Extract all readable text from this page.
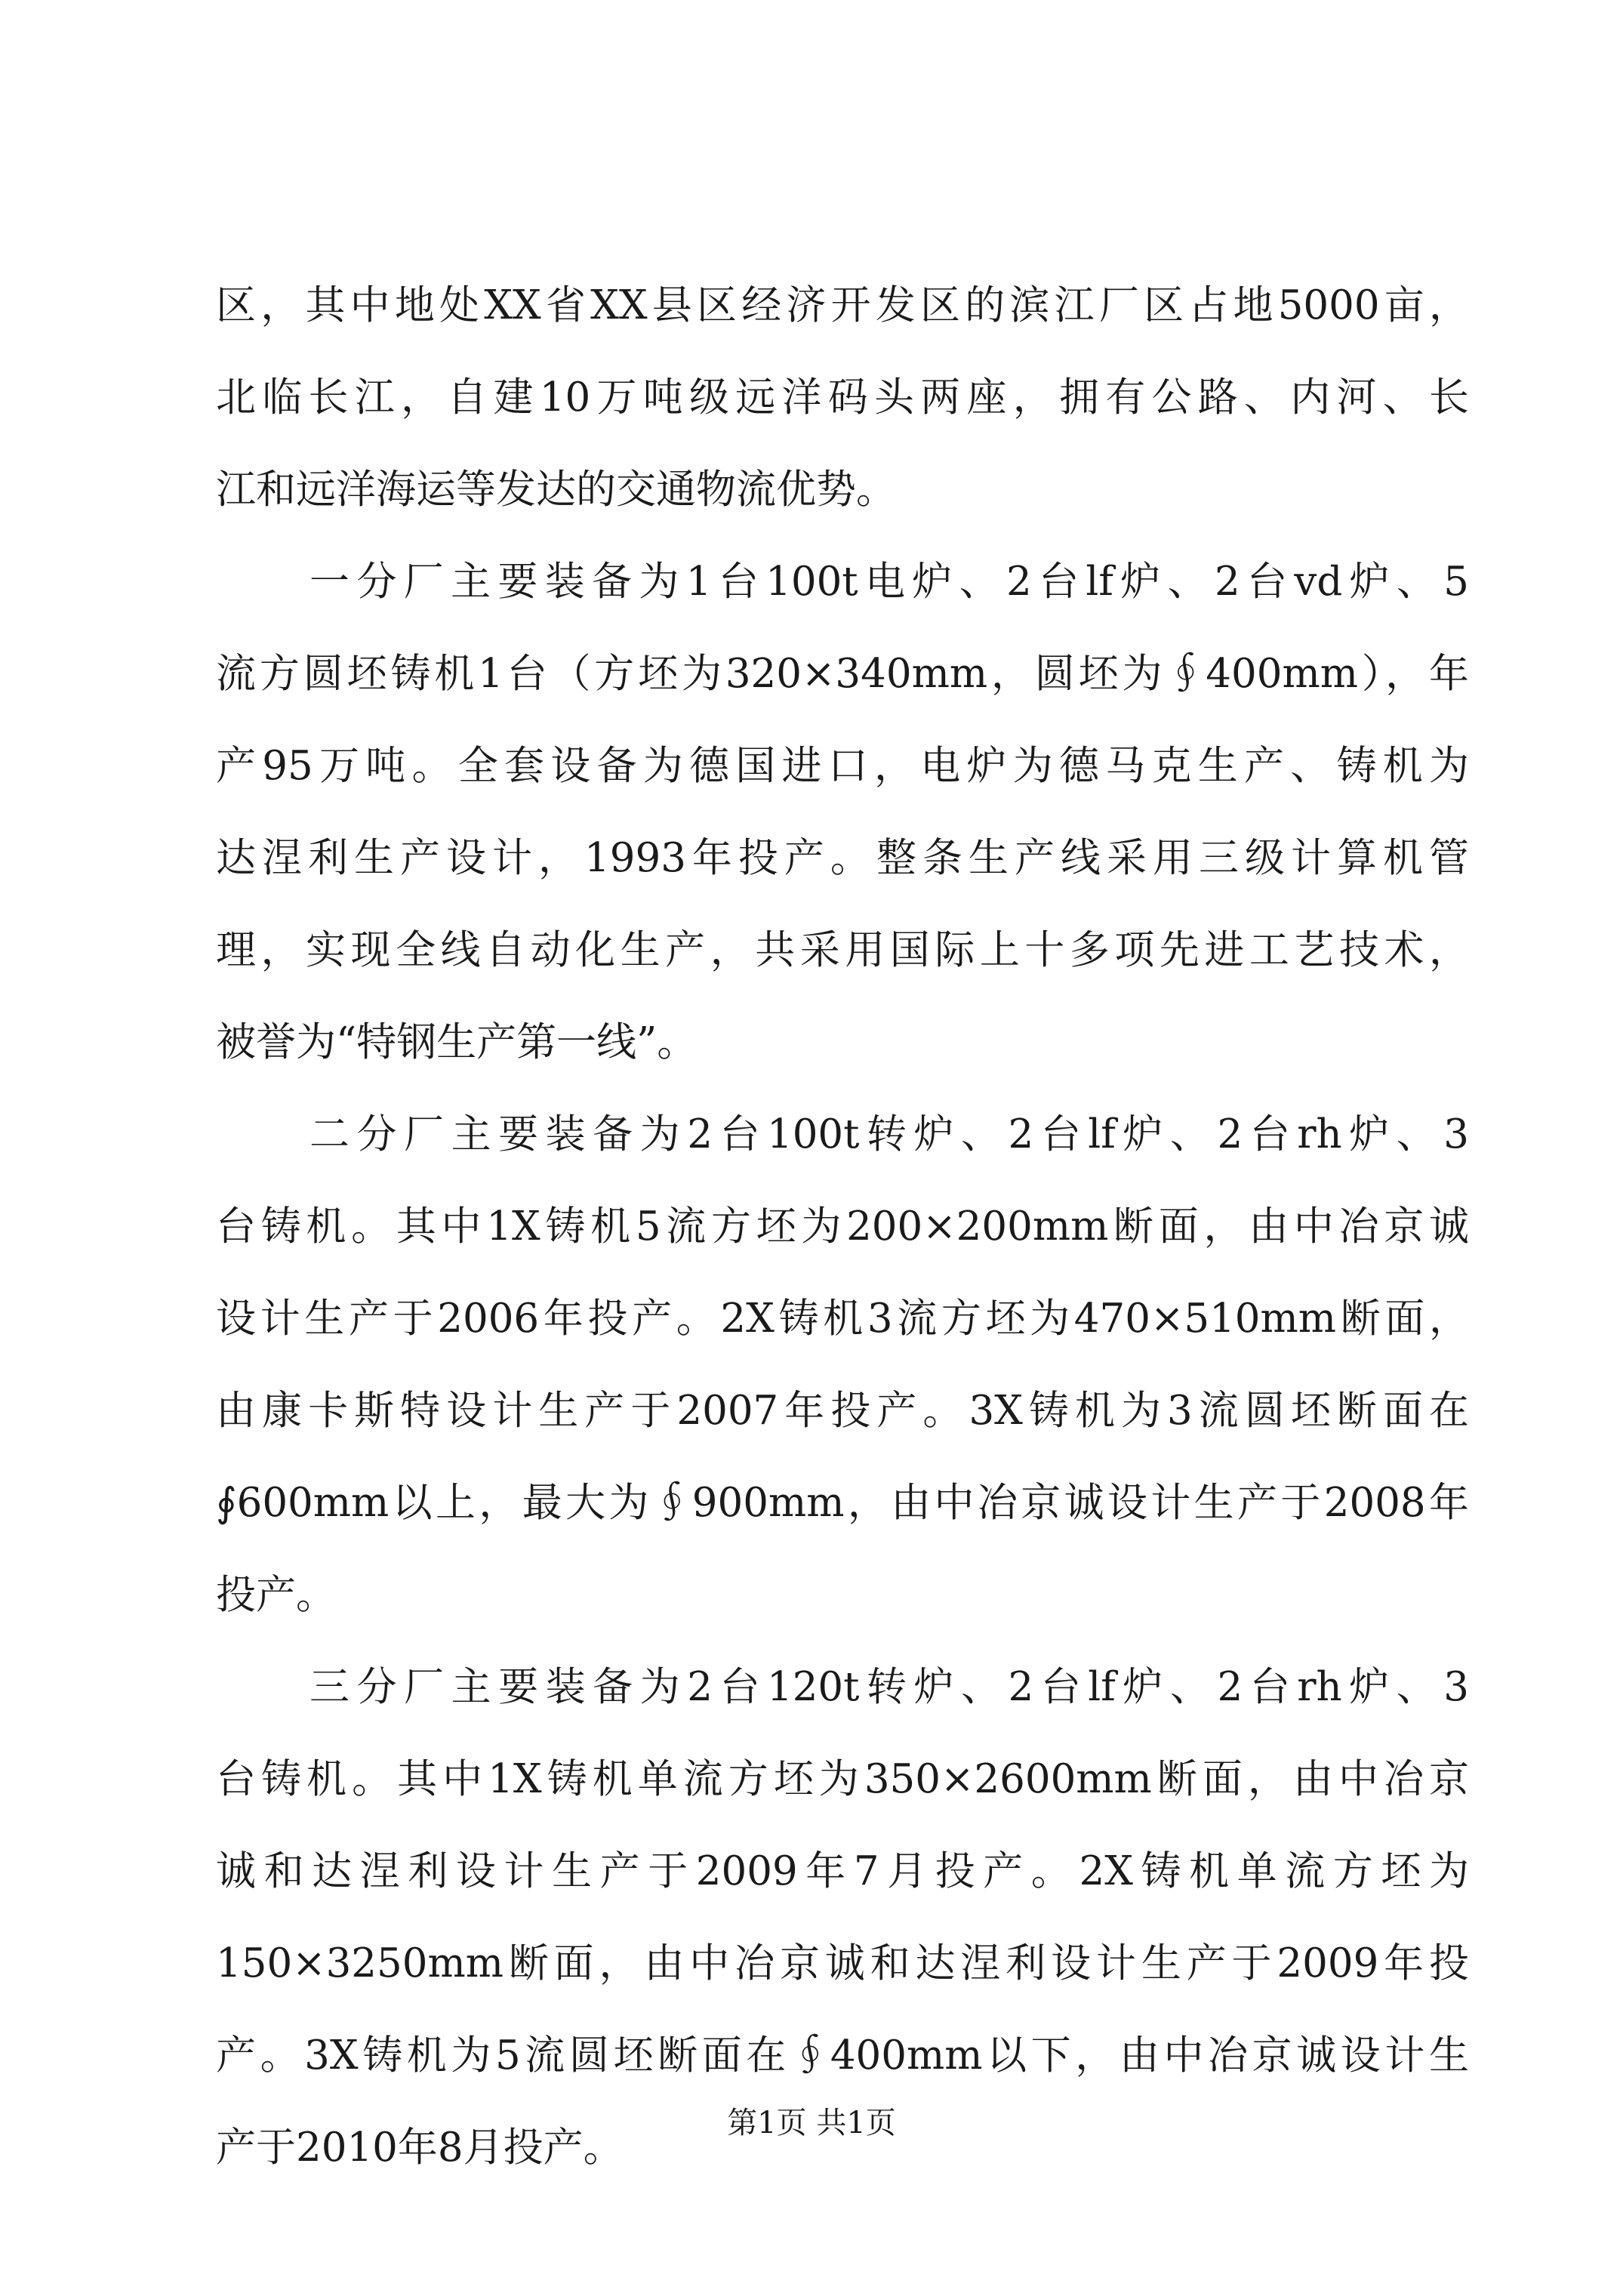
区，其中地处XX省XX县区经济开发区的滨江厂区占地5000亩，
北临长江，自建10万吨级远洋码头两座，拥有公路、内河、长
江和远洋海运等发达的交通物流优势。
一分厂主要装备为1台100t电炉、2台lf炉、2台vd炉、5
流方圆坯铸机1台（方坯为320×340mm，圆坯为∮400mm），年
产95万吨。全套设备为德国进口，电炉为德马克生产、铸机为
达涅利生产设计，1993年投产。整条生产线采用三级计算机管
理，实现全线自动化生产，共采用国际上十多项先进工艺技术，
被誉为“特钢生产第一线”。
二分厂主要装备为2台100t转炉、2台lf炉、2台rh炉、3
台铸机。其中1X铸机5流方坯为200×200mm断面，由中冶京诚
设计生产于2006年投产。2X铸机3流方坯为470×510mm断面，
由康卡斯特设计生产于2007年投产。3X铸机为3流圆坯断面在
∮600mm以上，最大为∮900mm，由中冶京诚设计生产于2008年
投产。
三分厂主要装备为2台120t转炉、2台lf炉、2台rh炉、3
台铸机。其中1X铸机单流方坯为350×2600mm断面，由中冶京
诚和达涅利设计生产于2009年7月投产。2X铸机单流方坯为
150×3250mm断面，由中冶京诚和达涅利设计生产于2009年投
产。3X铸机为5流圆坯断面在∮400mm以下，由中冶京诚设计生
产于2010年8月投产。
第1页 共1页
